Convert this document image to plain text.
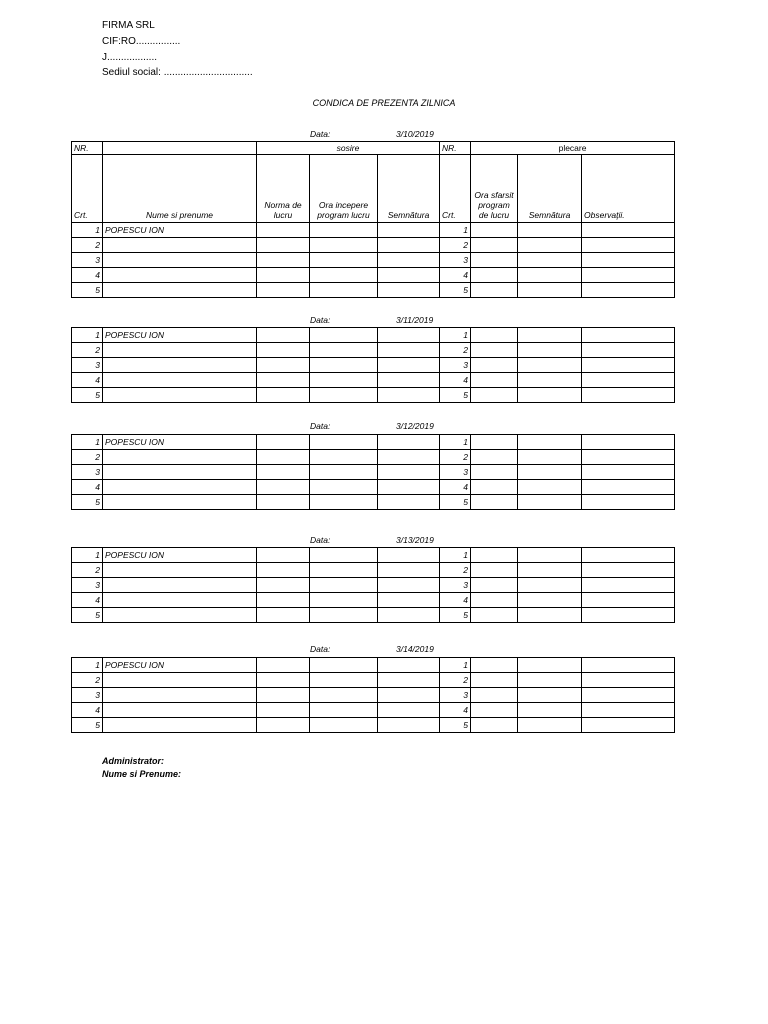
FIRMA SRL
CIF:RO................
J..................
Sediul social: ................................
CONDICA DE PREZENTA ZILNICA
Data:	3/10/2019
NR.		sosire			NR.	plecare		
Crt.	Nume si prenume	Norma de lucru	Ora incepere program lucru	Semnătura	Crt.	Ora sfarsit program de lucru	Semnătura	Observaţii.
1	POPESCU ION				1			
2					2			
3					3			
4					4			
5					5			
Data:	3/11/2019
1	POPESCU ION				1			
2					2			
3					3			
4					4			
5					5			
Data:	3/12/2019
1	POPESCU ION				1			
2					2			
3					3			
4					4			
5					5			
Data:	3/13/2019
1	POPESCU ION				1			
2					2			
3					3			
4					4			
5					5			
Data:	3/14/2019
1	POPESCU ION				1			
2					2			
3					3			
4					4			
5					5			
Administrator:
Nume si Prenume:
